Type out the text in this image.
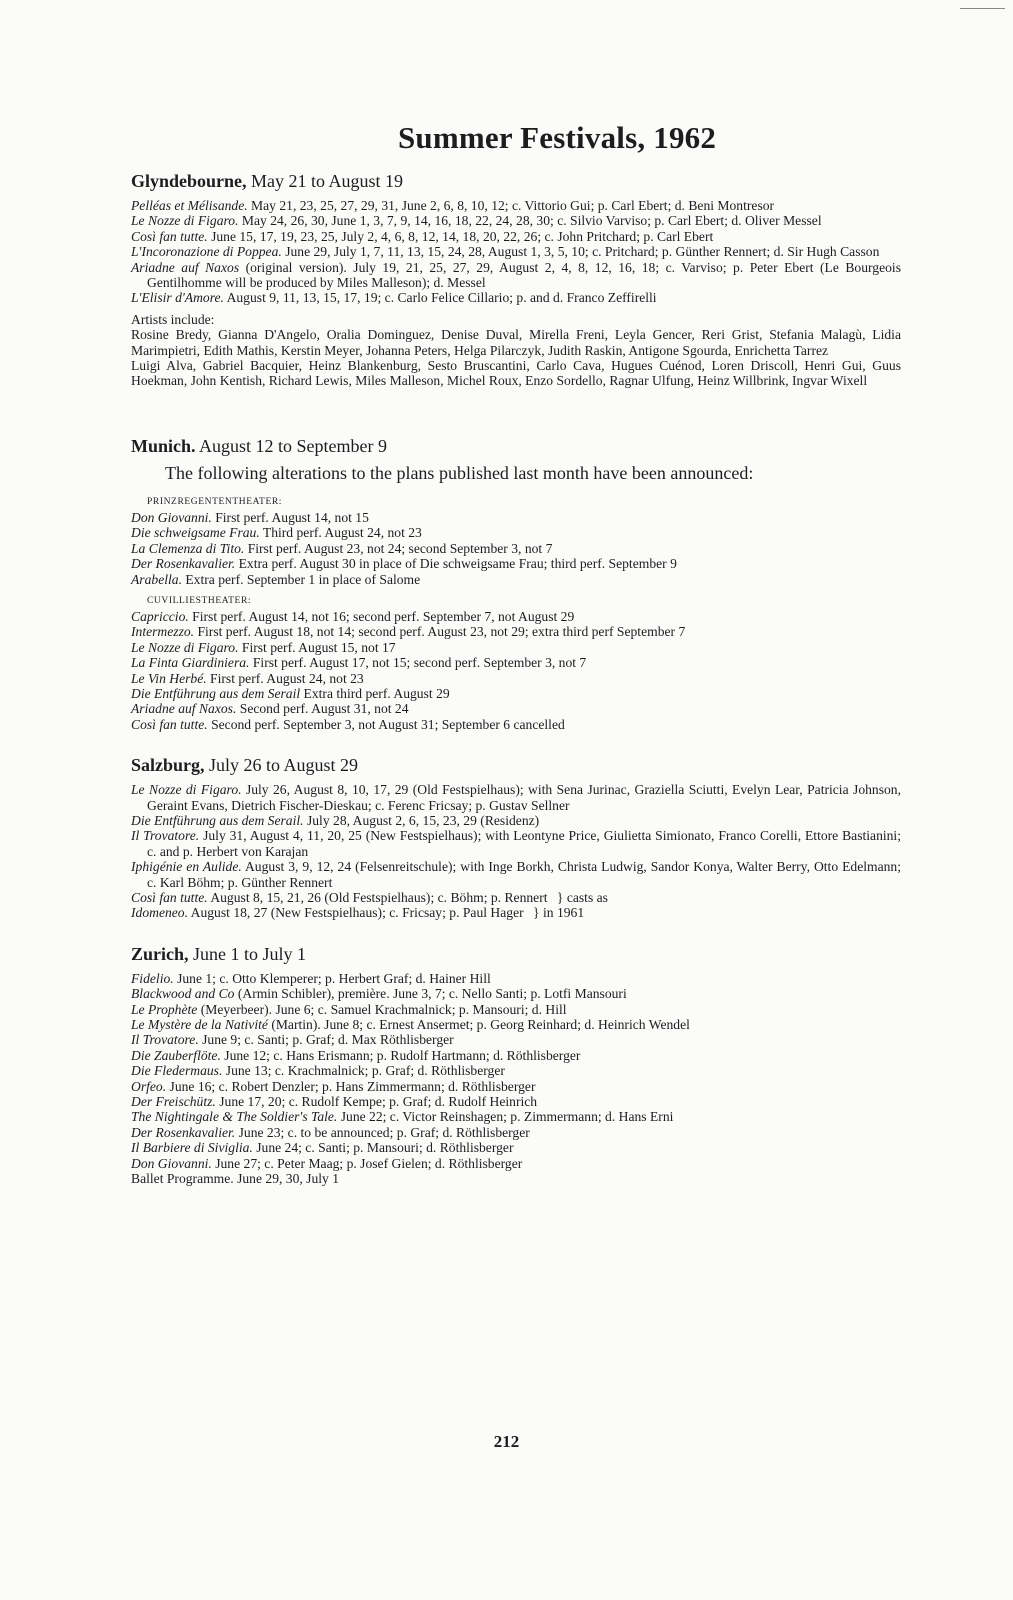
Summer Festivals, 1962
Glyndebourne, May 21 to August 19
Pelléas et Mélisande. May 21, 23, 25, 27, 29, 31, June 2, 6, 8, 10, 12; c. Vittorio Gui; p. Carl Ebert; d. Beni Montresor
Le Nozze di Figaro. May 24, 26, 30, June 1, 3, 7, 9, 14, 16, 18, 22, 24, 28, 30; c. Silvio Varviso; p. Carl Ebert; d. Oliver Messel
Così fan tutte. June 15, 17, 19, 23, 25, July 2, 4, 6, 8, 12, 14, 18, 20, 22, 26; c. John Pritchard; p. Carl Ebert
L'Incoronazione di Poppea. June 29, July 1, 7, 11, 13, 15, 24, 28, August 1, 3, 5, 10; c. Pritchard; p. Günther Rennert; d. Sir Hugh Casson
Ariadne auf Naxos (original version). July 19, 21, 25, 27, 29, August 2, 4, 8, 12, 16, 18; c. Varviso; p. Peter Ebert (Le Bourgeois Gentilhomme will be produced by Miles Malleson); d. Messel
L'Elisir d'Amore. August 9, 11, 13, 15, 17, 19; c. Carlo Felice Cillario; p. and d. Franco Zeffirelli
Artists include:
Rosine Bredy, Gianna D'Angelo, Oralia Dominguez, Denise Duval, Mirella Freni, Leyla Gencer, Reri Grist, Stefania Malagù, Lidia Marimpietri, Edith Mathis, Kerstin Meyer, Johanna Peters, Helga Pilarczyk, Judith Raskin, Antigone Sgourda, Enrichetta Tarrez
Luigi Alva, Gabriel Bacquier, Heinz Blankenburg, Sesto Bruscantini, Carlo Cava, Hugues Cuénod, Loren Driscoll, Henri Gui, Guus Hoekman, John Kentish, Richard Lewis, Miles Malleson, Michel Roux, Enzo Sordello, Ragnar Ulfung, Heinz Willbrink, Ingvar Wixell
Munich. August 12 to September 9
The following alterations to the plans published last month have been announced:
PRINZREGENTENTHEATER:
Don Giovanni. First perf. August 14, not 15
Die schweigsame Frau. Third perf. August 24, not 23
La Clemenza di Tito. First perf. August 23, not 24; second September 3, not 7
Der Rosenkavalier. Extra perf. August 30 in place of Die schweigsame Frau; third perf. September 9
Arabella. Extra perf. September 1 in place of Salome
CUVILLIESTHEATER:
Capriccio. First perf. August 14, not 16; second perf. September 7, not August 29
Intermezzo. First perf. August 18, not 14; second perf. August 23, not 29; extra third perf September 7
Le Nozze di Figaro. First perf. August 15, not 17
La Finta Giardiniera. First perf. August 17, not 15; second perf. September 3, not 7
Le Vin Herbé. First perf. August 24, not 23
Die Entführung aus dem Serail Extra third perf. August 29
Ariadne auf Naxos. Second perf. August 31, not 24
Così fan tutte. Second perf. September 3, not August 31; September 6 cancelled
Salzburg, July 26 to August 29
Le Nozze di Figaro. July 26, August 8, 10, 17, 29 (Old Festspielhaus); with Sena Jurinac, Graziella Sciutti, Evelyn Lear, Patricia Johnson, Geraint Evans, Dietrich Fischer-Dieskau; c. Ferenc Fricsay; p. Gustav Sellner
Die Entführung aus dem Serail. July 28, August 2, 6, 15, 23, 29 (Residenz)
Il Trovatore. July 31, August 4, 11, 20, 25 (New Festspielhaus); with Leontyne Price, Giulietta Simionato, Franco Corelli, Ettore Bastianini; c. and p. Herbert von Karajan
Iphigénie en Aulide. August 3, 9, 12, 24 (Felsenreitschule); with Inge Borkh, Christa Ludwig, Sandor Konya, Walter Berry, Otto Edelmann; c. Karl Böhm; p. Günther Rennert
Così fan tutte. August 8, 15, 21, 26 (Old Festspielhaus); c. Böhm; p. Rennert } casts as
Idomeneo. August 18, 27 (New Festspielhaus); c. Fricsay; p. Paul Hager } in 1961
Zurich, June 1 to July 1
Fidelio. June 1; c. Otto Klemperer; p. Herbert Graf; d. Hainer Hill
Blackwood and Co (Armin Schibler), première. June 3, 7; c. Nello Santi; p. Lotfi Mansouri
Le Prophète (Meyerbeer). June 6; c. Samuel Krachmalnick; p. Mansouri; d. Hill
Le Mystère de la Nativité (Martin). June 8; c. Ernest Ansermet; p. Georg Reinhard; d. Heinrich Wendel
Il Trovatore. June 9; c. Santi; p. Graf; d. Max Röthlisberger
Die Zauberflöte. June 12; c. Hans Erismann; p. Rudolf Hartmann; d. Röthlisberger
Die Fledermaus. June 13; c. Krachmalnick; p. Graf; d. Röthlisberger
Orfeo. June 16; c. Robert Denzler; p. Hans Zimmermann; d. Röthlisberger
Der Freischütz. June 17, 20; c. Rudolf Kempe; p. Graf; d. Rudolf Heinrich
The Nightingale & The Soldier's Tale. June 22; c. Victor Reinshagen; p. Zimmermann; d. Hans Erni
Der Rosenkavalier. June 23; c. to be announced; p. Graf; d. Röthlisberger
Il Barbiere di Siviglia. June 24; c. Santi; p. Mansouri; d. Röthlisberger
Don Giovanni. June 27; c. Peter Maag; p. Josef Gielen; d. Röthlisberger
Ballet Programme. June 29, 30, July 1
212
